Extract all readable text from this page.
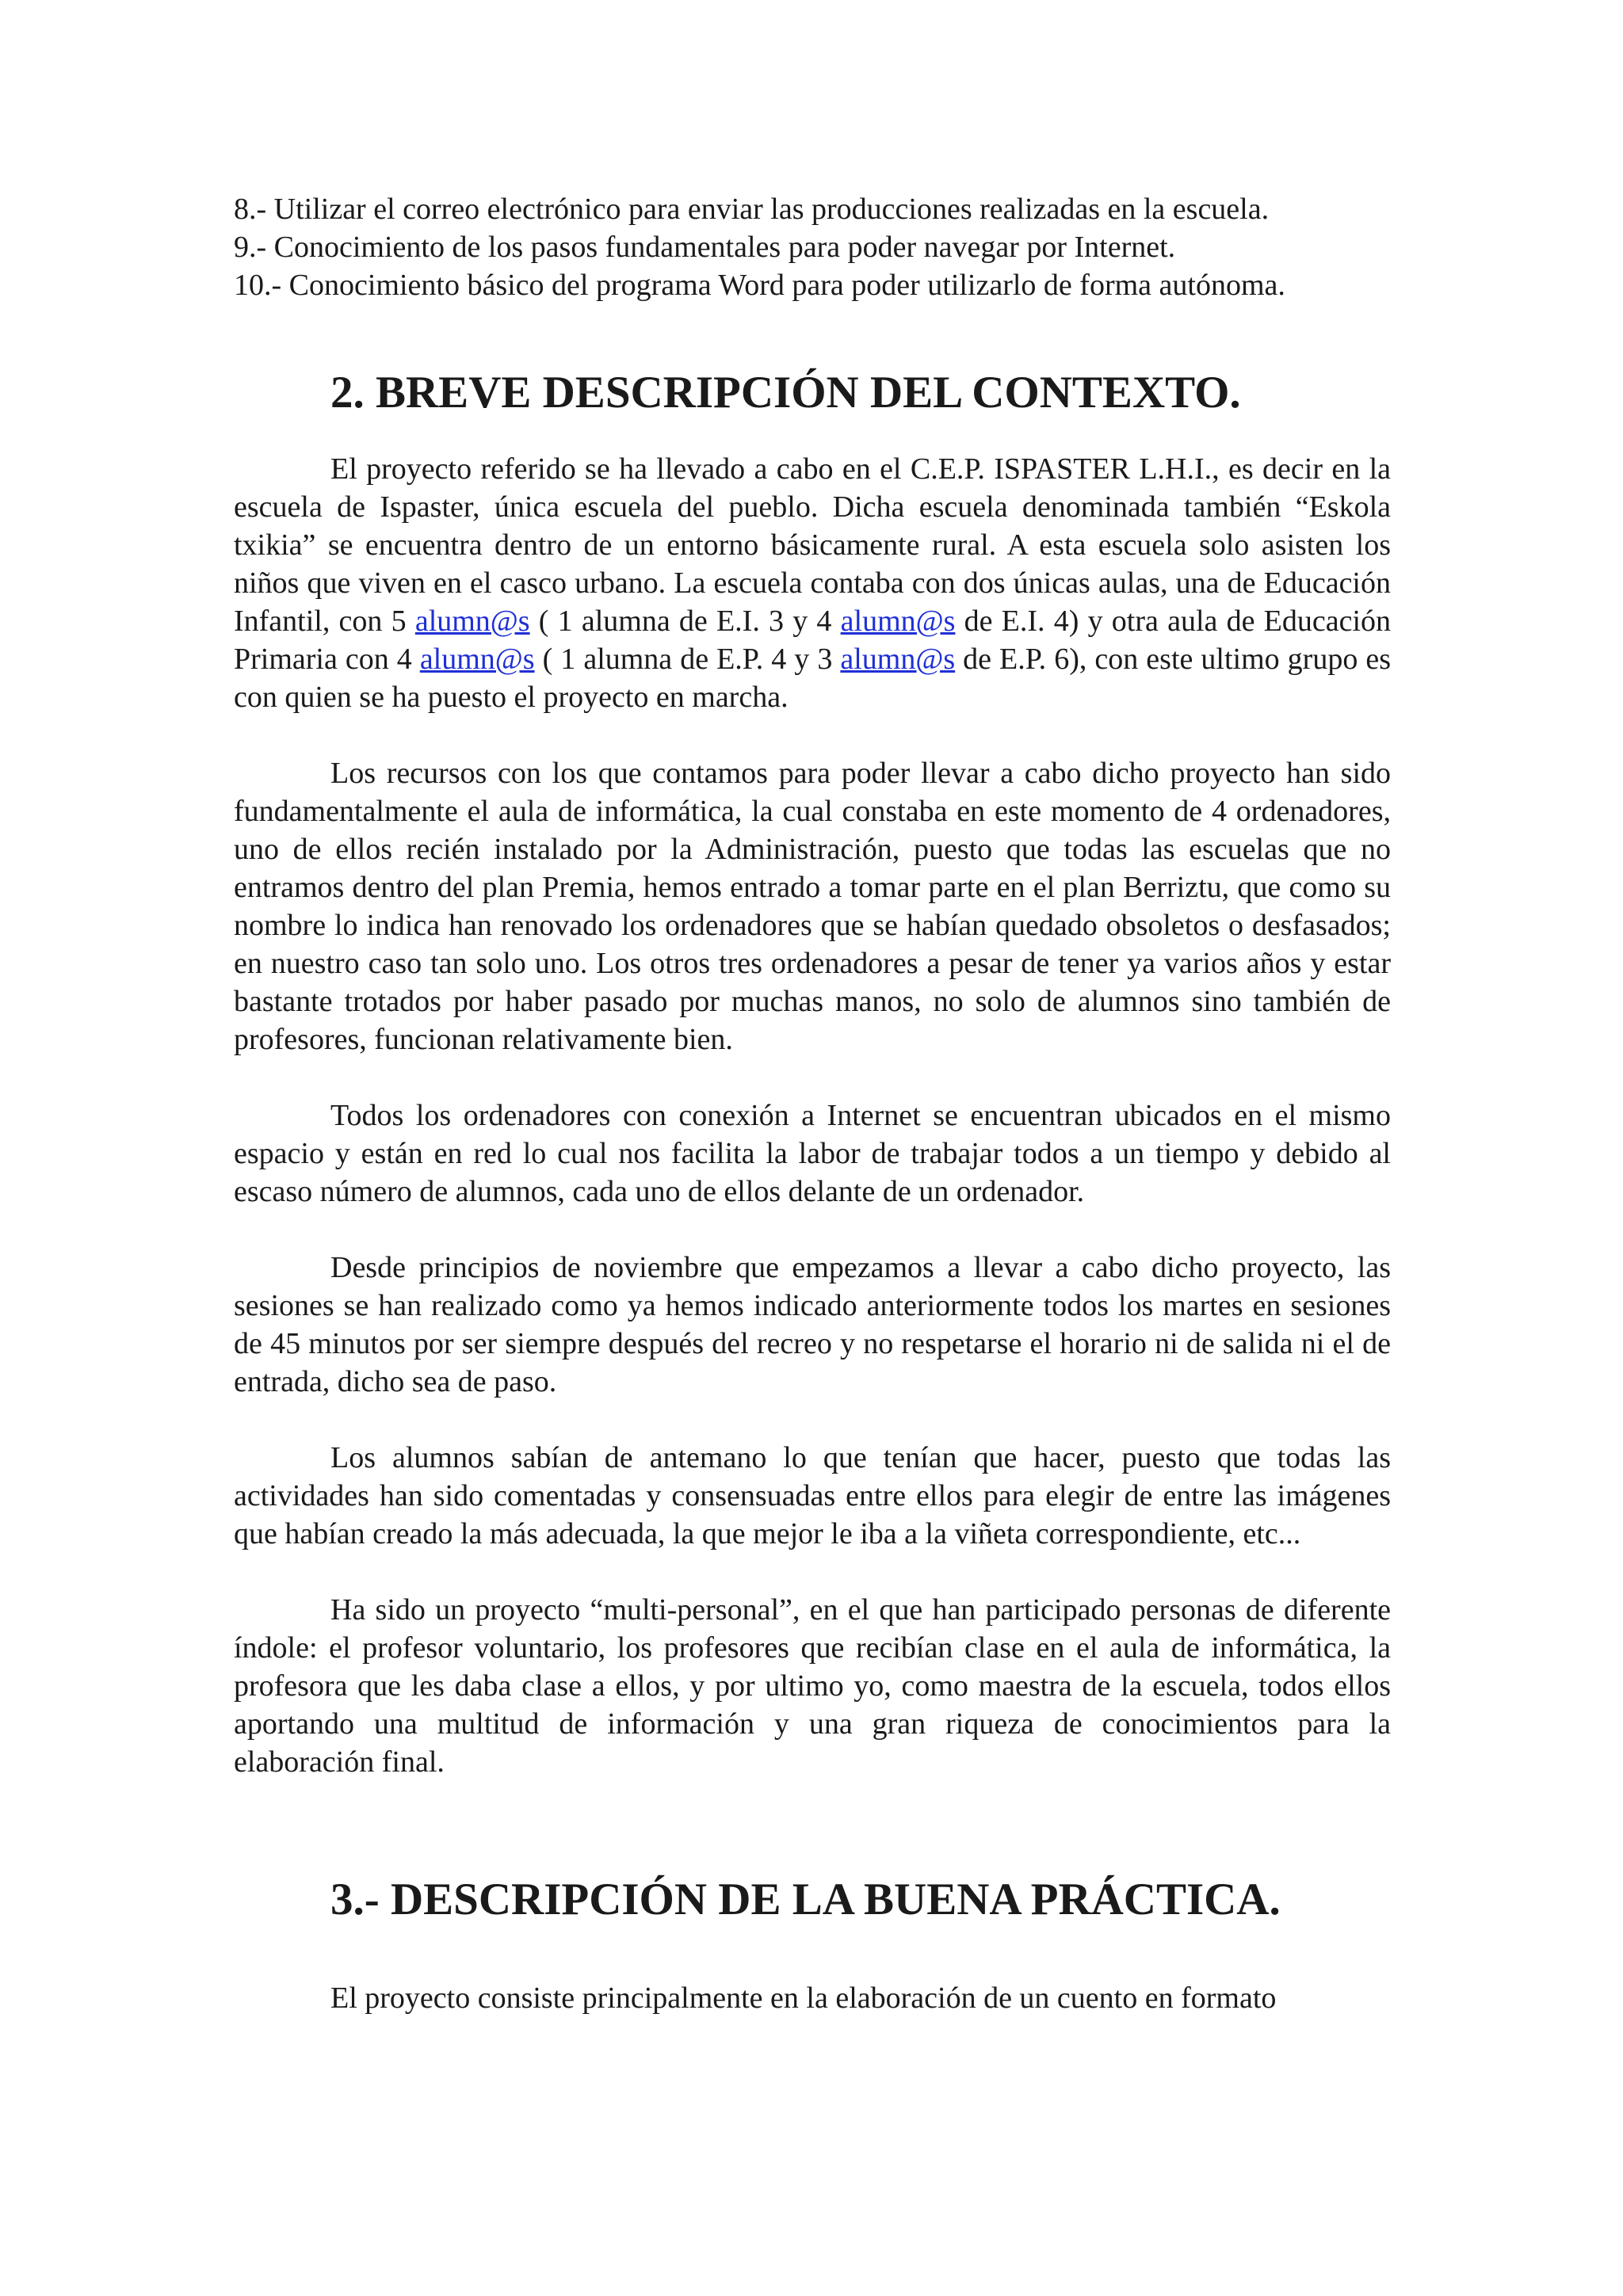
8.- Utilizar el correo electrónico para enviar las producciones realizadas en la escuela.

9.- Conocimiento de los pasos fundamentales para poder navegar por Internet.

10.- Conocimiento básico del programa Word para poder utilizarlo de forma autónoma.

2. BREVE DESCRIPCIÓN DEL CONTEXTO.

El proyecto referido se ha llevado a cabo en el C.E.P. ISPASTER L.H.I., es decir en la escuela de Ispaster, única escuela del pueblo. Dicha escuela denominada también “Eskola txikia” se encuentra dentro de un entorno básicamente rural. A esta escuela solo asisten los niños que viven en el casco urbano. La escuela contaba con dos únicas aulas, una de Educación Infantil, con 5 alumn@s ( 1 alumna de E.I. 3 y 4 alumn@s de E.I. 4) y otra aula de Educación Primaria con 4 alumn@s ( 1 alumna de E.P. 4 y 3 alumn@s de E.P. 6), con este ultimo grupo es con quien se ha puesto el proyecto en marcha.

Los recursos con los que contamos para poder llevar a cabo dicho proyecto han sido fundamentalmente el aula de informática, la cual constaba en este momento de 4 ordenadores, uno de ellos recién instalado por la Administración, puesto que todas las escuelas que no entramos dentro del plan Premia, hemos entrado a tomar parte en el plan Berriztu, que como su nombre lo indica han renovado los ordenadores que se habían quedado obsoletos o desfasados; en nuestro caso tan solo uno. Los otros tres ordenadores a pesar de tener ya varios años y estar bastante trotados por haber pasado por muchas manos, no solo de alumnos sino también de profesores, funcionan relativamente bien.

Todos los ordenadores con conexión a Internet se encuentran ubicados en el mismo espacio y están en red lo cual nos facilita la labor de trabajar todos a un tiempo y debido al escaso número de alumnos, cada uno de ellos delante de un ordenador.

Desde principios de noviembre que empezamos a llevar a cabo dicho proyecto, las sesiones se han realizado como ya hemos indicado anteriormente todos los martes en sesiones de 45 minutos por ser siempre después del recreo y no respetarse el horario ni de salida ni el de entrada, dicho sea de paso.

Los alumnos sabían de antemano lo que tenían que hacer, puesto que todas las actividades han sido comentadas y consensuadas entre ellos para elegir de entre las imágenes que habían creado la más adecuada, la que mejor le iba a la viñeta correspondiente, etc...

Ha sido un proyecto “multi-personal”, en el que han participado personas de diferente índole: el profesor voluntario, los profesores que recibían clase en el aula de informática, la profesora que les daba clase a ellos, y por ultimo yo, como maestra de la escuela, todos ellos aportando una multitud de información y una gran riqueza de conocimientos para la elaboración final.

3.- DESCRIPCIÓN DE LA BUENA PRÁCTICA.

El proyecto consiste principalmente en la elaboración de un cuento en formato
